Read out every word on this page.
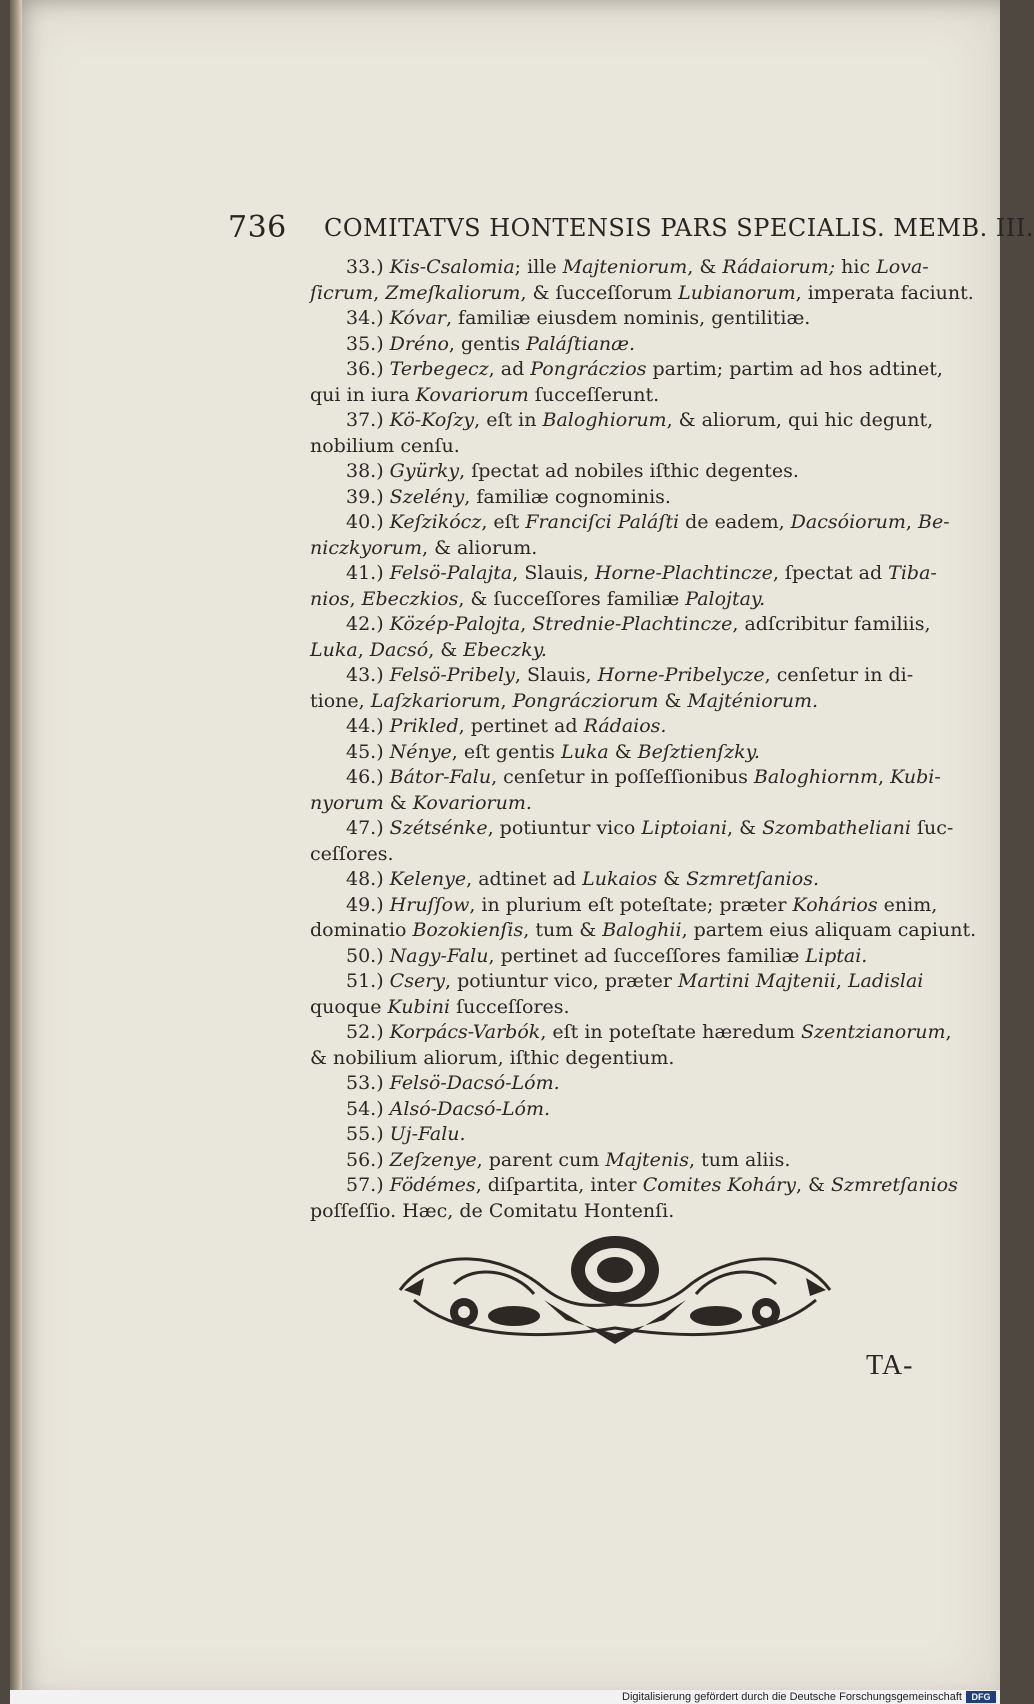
736 COMITATVS HONTENSIS PARS SPECIALIS. MEMB. III.
33.) Kis-Csalomia; ille Majteniorum, & Rádaiorum; hic Lova-
ſicrum, Zmeſkaliorum, & ſucceſſorum Lubianorum, imperata faciunt.
34.) Kóvar, familiæ eiusdem nominis, gentilitiæ.
35.) Dréno, gentis Paláſtianæ.
36.) Terbegecz, ad Pongráczios partim; partim ad hos adtinet,
qui in iura Kovariorum ſucceſſerunt.
37.) Kö-Koſzy, eſt in Baloghiorum, & aliorum, qui hic degunt,
nobilium cenſu.
38.) Gyürky, ſpectat ad nobiles iſthic degentes.
39.) Szelény, familiæ cognominis.
40.) Keſzikócz, eſt Franciſci Paláſti de eadem, Dacsóiorum, Be-
niczkyorum, & aliorum.
41.) Felsö-Palajta, Slauis, Horne-Plachtincze, ſpectat ad Tiba-
nios, Ebeczkios, & ſucceſſores familiæ Palojtay.
42.) Közép-Palojta, Strednie-Plachtincze, adſcribitur familiis,
Luka, Dacsó, & Ebeczky.
43.) Felsö-Pribely, Slauis, Horne-Pribelycze, cenſetur in di-
tione, Laſzkariorum, Pongrácziorum & Majténiorum.
44.) Prikled, pertinet ad Rádaios.
45.) Nénye, eſt gentis Luka & Beſztienſzky.
46.) Bátor-Falu, cenſetur in poſſeſſionibus Baloghiornm, Kubi-
nyorum & Kovariorum.
47.) Szétsénke, potiuntur vico Liptoiani, & Szombatheliani ſuc-
ceſſores.
48.) Kelenye, adtinet ad Lukaios & Szmretſanios.
49.) Hruſſow, in plurium eſt poteſtate; præter Kohários enim,
dominatio Bozokienſis, tum & Baloghii, partem eius aliquam capiunt.
50.) Nagy-Falu, pertinet ad ſucceſſores familiæ Liptai.
51.) Csery, potiuntur vico, præter Martini Majtenii, Ladislai
quoque Kubini ſucceſſores.
52.) Korpács-Varbók, eſt in poteſtate hæredum Szentzianorum,
& nobilium aliorum, iſthic degentium.
53.) Felsö-Dacsó-Lóm.
54.) Alsó-Dacsó-Lóm.
55.) Uj-Falu.
56.) Zeſzenye, parent cum Majtenis, tum aliis.
57.) Födémes, diſpartita, inter Comites Koháry, & Szmretſanios
poſſeſſio. Hæc, de Comitatu Hontenſi.
TA-
Digitalisierung gefördert durch die Deutsche Forschungsgemeinschaft	DFG
